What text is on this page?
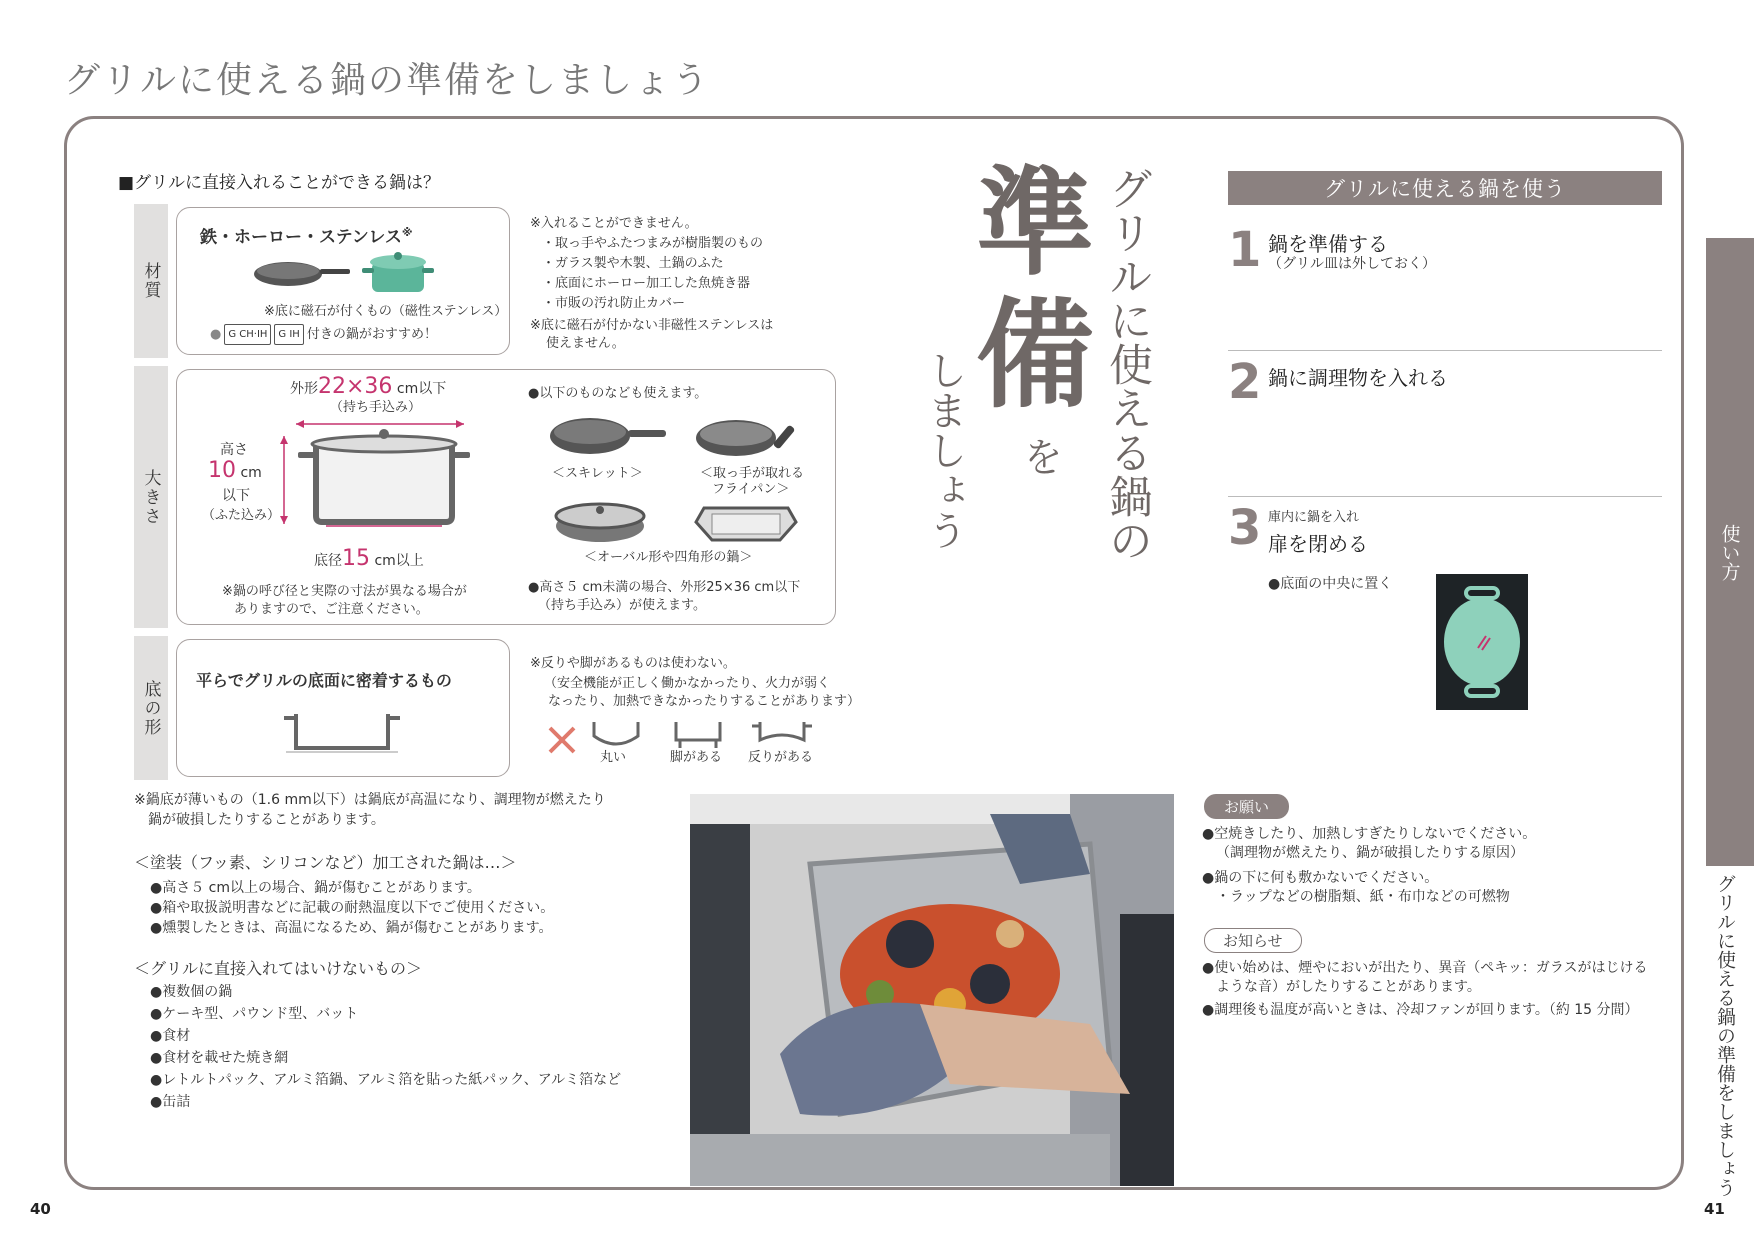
グリルに使える鍋の準備をしましょう
■グリルに直接入れることができる鍋は？
材質
鉄・ホーロー・ステンレス※
※底に磁石が付くもの（磁性ステンレス）
● G CH·IH	G IH 付きの鍋がおすすめ！
※入れることができません。
・取っ手やふたつまみが樹脂製のもの
・ガラス製や木製、土鍋のふた
・底面にホーロー加工した魚焼き器
・市販の汚れ防止カバー
※底に磁石が付かない非磁性ステンレスは
使えません。
大きさ
外形22×36 cm以下
（持ち手込み）
高さ
10 cm
以下
（ふた込み）
底径15 cm以上
※鍋の呼び径と実際の寸法が異なる場合が
ありますので、ご注意ください。
●以下のものなども使えます。
＜スキレット＞	＜取っ手が取れる
フライパン＞
＜オーバル形や四角形の鍋＞
●高さ５ cm未満の場合、外形25×36 cm以下
（持ち手込み）が使えます。
底の形	平らでグリルの底面に密着するもの
※反りや脚があるものは使わない。
（安全機能が正しく働かなかったり、火力が弱く
なったり、加熱できなかったりすることがあります）
丸い	脚がある 反りがある
※鍋底が薄いもの（1.6 mm以下）は鍋底が高温になり、調理物が燃えたり
鍋が破損したりすることがあります。
＜塗装（フッ素、シリコンなど）加工された鍋は…＞
●高さ５ cm以上の場合、鍋が傷むことがあります。
●箱や取扱説明書などに記載の耐熱温度以下でご使用ください。
●燻製したときは、高温になるため、鍋が傷むことがあります。
＜グリルに直接入れてはいけないもの＞
●複数個の鍋
●ケーキ型、パウンド型、バット
●食材
●食材を載せた焼き網
●レトルトパック、アルミ箔鍋、アルミ箔を貼った紙パック、アルミ箔など
●缶詰
準
備
を
しましょう	グリルに使える鍋の	グリルに使える鍋を使う
1 鍋を準備する
（グリル皿は外しておく）
2 鍋に調理物を入れる
3 庫内に鍋を入れ
扉を閉める
●底面の中央に置く
お願い
●空焼きしたり、加熱しすぎたりしないでください。
（調理物が燃えたり、鍋が破損したりする原因）
●鍋の下に何も敷かないでください。
・ラップなどの樹脂類、紙・布巾などの可燃物
お知らせ
●使い始めは、煙やにおいが出たり、異音（ペキッ：ガラスがはじける
ような音）がしたりすることがあります。
●調理後も温度が高いときは、冷却ファンが回ります。（約 15 分間）
使い方
グリルに使える鍋の準備をしましょう
40	41
